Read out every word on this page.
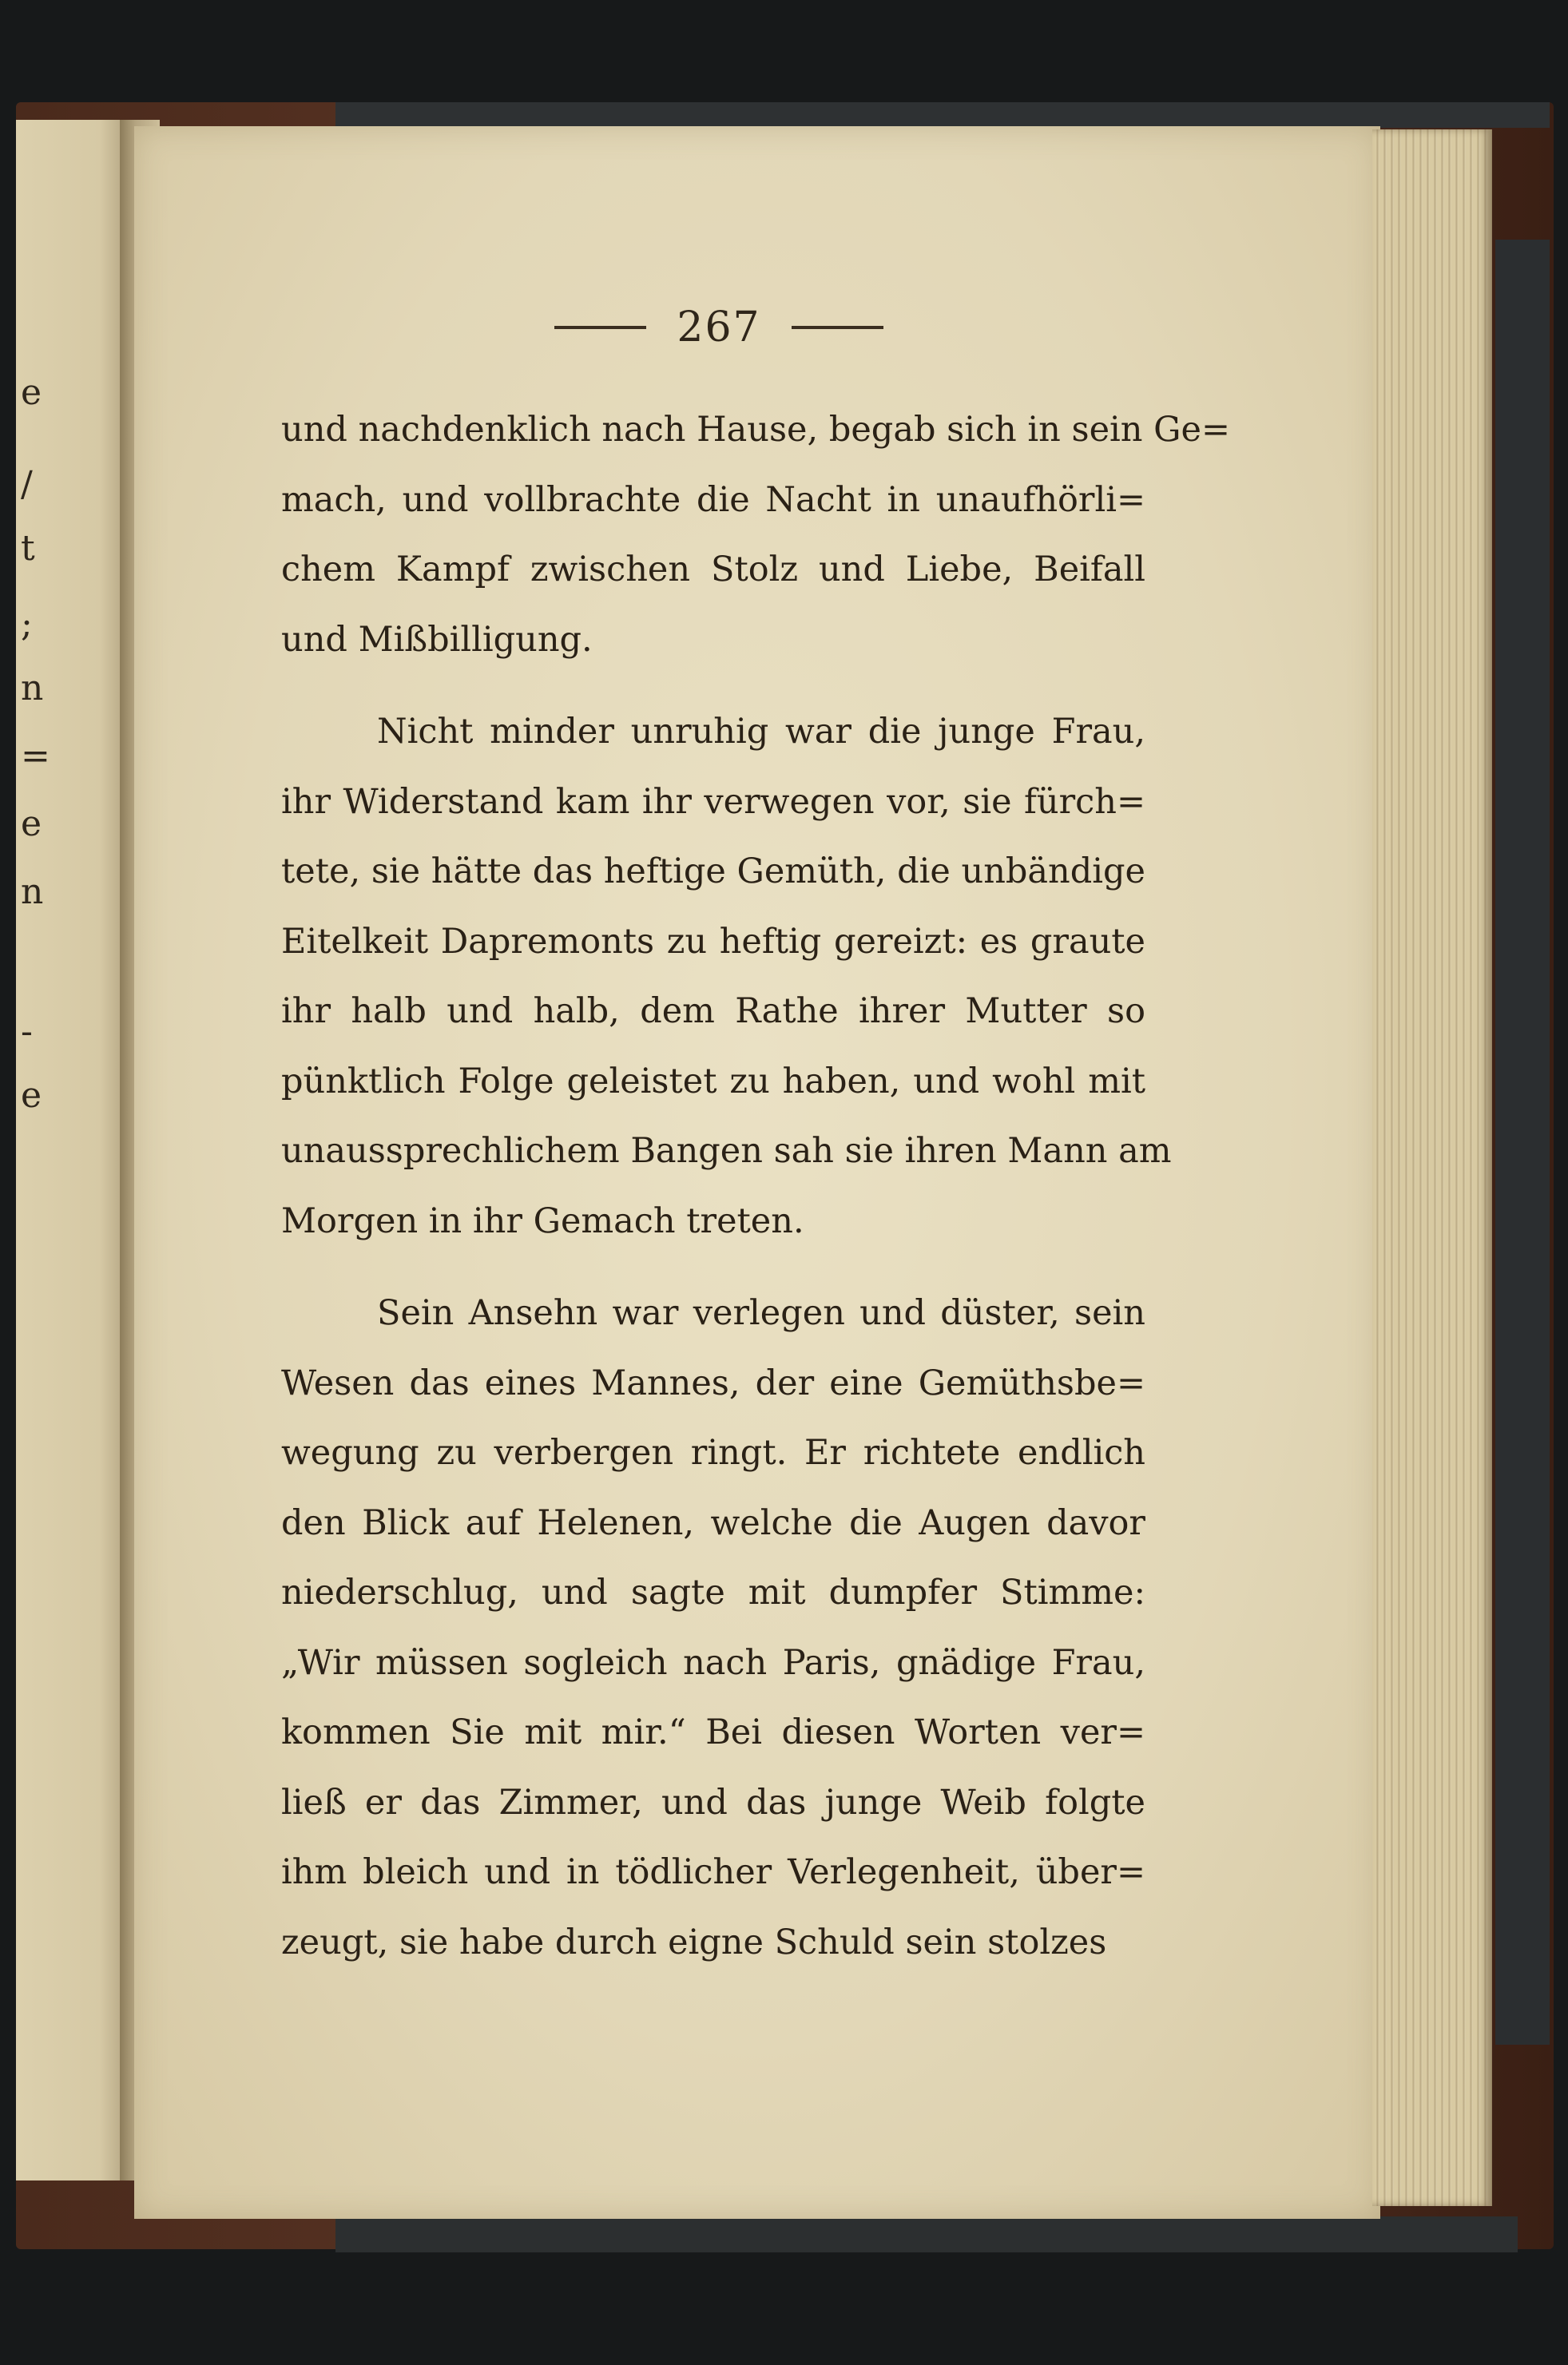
e
/
t
;
n
=
e
n
-
e
267
und nachdenklich nach Hause, begab sich in sein Ge=
mach, und vollbrachte die Nacht in unaufhörli=
chem Kampf zwischen Stolz und Liebe, Beifall
und Mißbilligung.
Nicht minder unruhig war die junge Frau,
ihr Widerstand kam ihr verwegen vor, sie fürch=
tete, sie hätte das heftige Gemüth, die unbändige
Eitelkeit Dapremonts zu heftig gereizt: es graute
ihr halb und halb, dem Rathe ihrer Mutter so
pünktlich Folge geleistet zu haben, und wohl mit
unaussprechlichem Bangen sah sie ihren Mann am
Morgen in ihr Gemach treten.
Sein Ansehn war verlegen und düster, sein
Wesen das eines Mannes, der eine Gemüthsbe=
wegung zu verbergen ringt. Er richtete endlich
den Blick auf Helenen, welche die Augen davor
niederschlug, und sagte mit dumpfer Stimme:
„Wir müssen sogleich nach Paris, gnädige Frau,
kommen Sie mit mir.“ Bei diesen Worten ver=
ließ er das Zimmer, und das junge Weib folgte
ihm bleich und in tödlicher Verlegenheit, über=
zeugt, sie habe durch eigne Schuld sein stolzes
